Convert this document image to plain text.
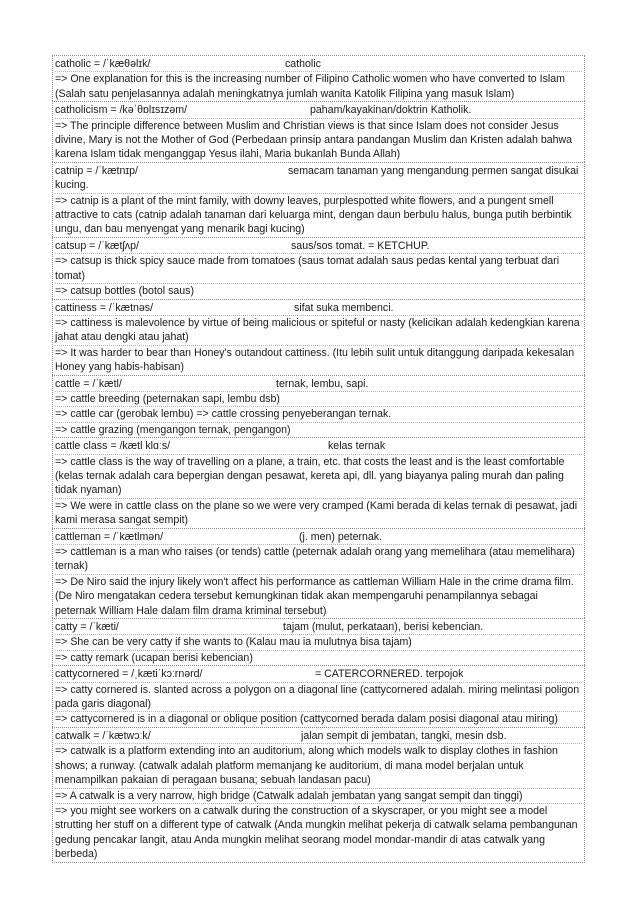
catholic = /ˈkæθəlɪk/	catholic
=> One explanation for this is the increasing number of Filipino Catholic women who have converted to Islam (Salah satu penjelasannya adalah meningkatnya jumlah wanita Katolik Filipina yang masuk Islam)
catholicism = /kəˈθɒlɪsɪzəm/	paham/kayakinan/doktrin Katholik.
=> The principle difference between Muslim and Christian views is that since Islam does not consider Jesus divine, Mary is not the Mother of God (Perbedaan prinsip antara pandangan Muslim dan Kristen adalah bahwa karena Islam tidak menganggap Yesus ilahi, Maria bukanlah Bunda Allah)
catnip = /ˈkætnɪp/	semacam tanaman yang mengandung permen sangat disukai kucing.
=> catnip is a plant of the mint family, with downy leaves, purplespotted white flowers, and a pungent smell attractive to cats (catnip adalah tanaman dari keluarga mint, dengan daun berbulu halus, bunga putih berbintik ungu, dan bau menyengat yang menarik bagi kucing)
catsup = /ˈkætʃʌp/	saus/sos tomat. = KETCHUP.
=> catsup is thick spicy sauce made from tomatoes (saus tomat adalah saus pedas kental yang terbuat dari tomat)
=> catsup bottles (botol saus)
cattiness = /ˈkætnəs/	sifat suka membenci.
=> cattiness is malevolence by virtue of being malicious or spiteful or nasty (kelicikan adalah kedengkian karena jahat atau dengki atau jahat)
=> It was harder to bear than Honey's outandout cattiness. (Itu lebih sulit untuk ditanggung daripada kekesalan Honey yang habis-habisan)
cattle = /ˈkætl/	ternak, lembu, sapi.
=> cattle breeding (peternakan sapi, lembu dsb)
=> cattle car (gerobak lembu) => cattle crossing penyeberangan ternak.
=> cattle grazing (mengangon ternak, pengangon)
cattle class = /kætl klɑːs/	kelas ternak
=> cattle class is the way of travelling on a plane, a train, etc. that costs the least and is the least comfortable (kelas ternak adalah cara bepergian dengan pesawat, kereta api, dll. yang biayanya paling murah dan paling tidak nyaman)
=> We were in cattle class on the plane so we were very cramped (Kami berada di kelas ternak di pesawat, jadi kami merasa sangat sempit)
cattleman = /ˈkætlmən/	(j. men) peternak.
=> cattleman is a man who raises (or tends) cattle (peternak adalah orang yang memelihara (atau memelihara) ternak)
=> De Niro said the injury likely won't affect his performance as cattleman William Hale in the crime drama film. (De Niro mengatakan cedera tersebut kemungkinan tidak akan mempengaruhi penampilannya sebagai peternak William Hale dalam film drama kriminal tersebut)
catty = /ˈkæti/	tajam (mulut, perkataan), berisi kebencian.
=> She can be very catty if she wants to (Kalau mau ia mulutnya bisa tajam)
=> catty remark (ucapan berisi kebencian)
cattycornered = /ˌkætiˈkɔːrnərd/	= CATERCORNERED. terpojok
=> catty cornered is. slanted across a polygon on a diagonal line (cattycornered adalah. miring melintasi poligon pada garis diagonal)
=> cattycornered is in a diagonal or oblique position (cattycorned berada dalam posisi diagonal atau miring)
catwalk = /ˈkætwɔːk/	jalan sempit di jembatan, tangki, mesin dsb.
=> catwalk is a platform extending into an auditorium, along which models walk to display clothes in fashion shows; a runway. (catwalk adalah platform memanjang ke auditorium, di mana model berjalan untuk menampilkan pakaian di peragaan busana; sebuah landasan pacu)
=> A catwalk is a very narrow, high bridge (Catwalk adalah jembatan yang sangat sempit dan tinggi)
=> you might see workers on a catwalk during the construction of a skyscraper, or you might see a model strutting her stuff on a different type of catwalk (Anda mungkin melihat pekerja di catwalk selama pembangunan gedung pencakar langit, atau Anda mungkin melihat seorang model mondar-mandir di atas catwalk yang berbeda)
